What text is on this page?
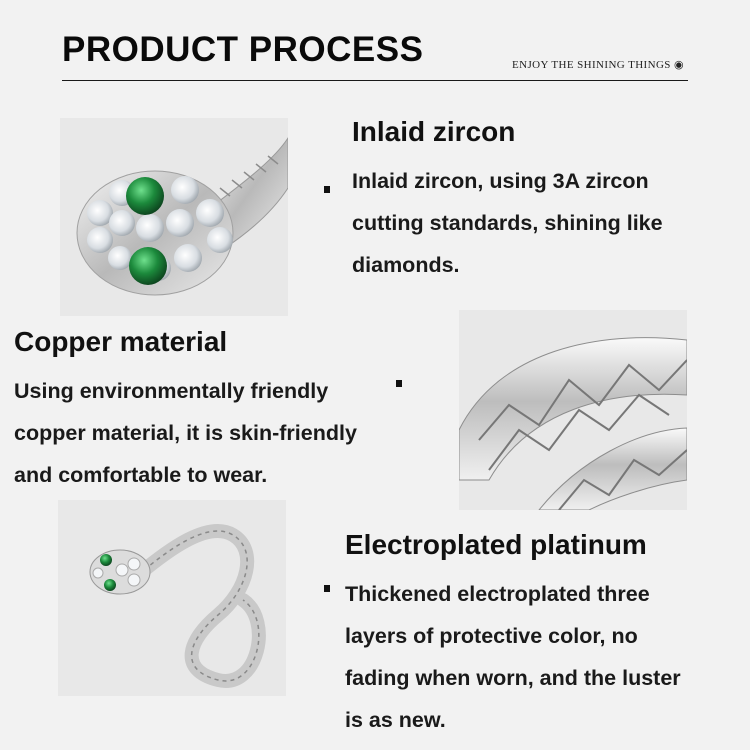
PRODUCT PROCESS	ENJOY THE SHINING THINGS ◉
Inlaid zircon
Inlaid zircon, using 3A zircon
cutting standards, shining like
diamonds.
Copper material
Using environmentally friendly
copper material, it is skin-friendly
and comfortable to wear.
Electroplated platinum
Thickened electroplated three
layers of protective color, no
fading when worn, and the luster
is as new.
